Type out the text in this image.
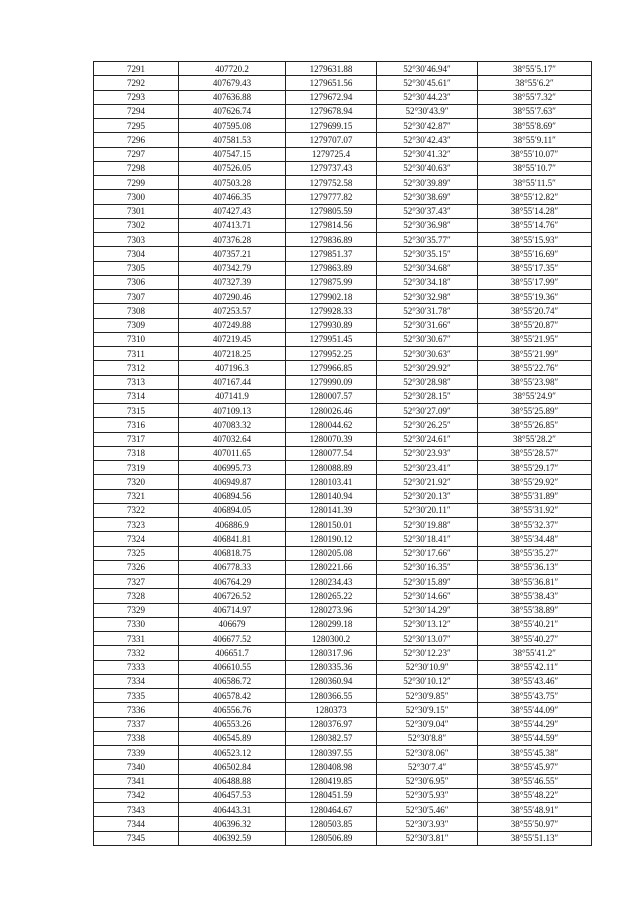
7291	407720.2	1279631.88	52°30′46.94″	38°55′5.17″
7292	407679.43	1279651.56	52°30′45.61″	38°55′6.2″
7293	407636.88	1279672.94	52°30′44.23″	38°55′7.32″
7294	407626.74	1279678.94	52°30′43.9″	38°55′7.63″
7295	407595.08	1279699.15	52°30′42.87″	38°55′8.69″
7296	407581.53	1279707.07	52°30′42.43″	38°55′9.11″
7297	407547.15	1279725.4	52°30′41.32″	38°55′10.07″
7298	407526.05	1279737.43	52°30′40.63″	38°55′10.7″
7299	407503.28	1279752.58	52°30′39.89″	38°55′11.5″
7300	407466.35	1279777.82	52°30′38.69″	38°55′12.82″
7301	407427.43	1279805.59	52°30′37.43″	38°55′14.28″
7302	407413.71	1279814.56	52°30′36.98″	38°55′14.76″
7303	407376.28	1279836.89	52°30′35.77″	38°55′15.93″
7304	407357.21	1279851.37	52°30′35.15″	38°55′16.69″
7305	407342.79	1279863.89	52°30′34.68″	38°55′17.35″
7306	407327.39	1279875.99	52°30′34.18″	38°55′17.99″
7307	407290.46	1279902.18	52°30′32.98″	38°55′19.36″
7308	407253.57	1279928.33	52°30′31.78″	38°55′20.74″
7309	407249.88	1279930.89	52°30′31.66″	38°55′20.87″
7310	407219.45	1279951.45	52°30′30.67″	38°55′21.95″
7311	407218.25	1279952.25	52°30′30.63″	38°55′21.99″
7312	407196.3	1279966.85	52°30′29.92″	38°55′22.76″
7313	407167.44	1279990.09	52°30′28.98″	38°55′23.98″
7314	407141.9	1280007.57	52°30′28.15″	38°55′24.9″
7315	407109.13	1280026.46	52°30′27.09″	38°55′25.89″
7316	407083.32	1280044.62	52°30′26.25″	38°55′26.85″
7317	407032.64	1280070.39	52°30′24.61″	38°55′28.2″
7318	407011.65	1280077.54	52°30′23.93″	38°55′28.57″
7319	406995.73	1280088.89	52°30′23.41″	38°55′29.17″
7320	406949.87	1280103.41	52°30′21.92″	38°55′29.92″
7321	406894.56	1280140.94	52°30′20.13″	38°55′31.89″
7322	406894.05	1280141.39	52°30′20.11″	38°55′31.92″
7323	406886.9	1280150.01	52°30′19.88″	38°55′32.37″
7324	406841.81	1280190.12	52°30′18.41″	38°55′34.48″
7325	406818.75	1280205.08	52°30′17.66″	38°55′35.27″
7326	406778.33	1280221.66	52°30′16.35″	38°55′36.13″
7327	406764.29	1280234.43	52°30′15.89″	38°55′36.81″
7328	406726.52	1280265.22	52°30′14.66″	38°55′38.43″
7329	406714.97	1280273.96	52°30′14.29″	38°55′38.89″
7330	406679	1280299.18	52°30′13.12″	38°55′40.21″
7331	406677.52	1280300.2	52°30′13.07″	38°55′40.27″
7332	406651.7	1280317.96	52°30′12.23″	38°55′41.2″
7333	406610.55	1280335.36	52°30′10.9″	38°55′42.11″
7334	406586.72	1280360.94	52°30′10.12″	38°55′43.46″
7335	406578.42	1280366.55	52°30′9.85″	38°55′43.75″
7336	406556.76	1280373	52°30′9.15″	38°55′44.09″
7337	406553.26	1280376.97	52°30′9.04″	38°55′44.29″
7338	406545.89	1280382.57	52°30′8.8″	38°55′44.59″
7339	406523.12	1280397.55	52°30′8.06″	38°55′45.38″
7340	406502.84	1280408.98	52°30′7.4″	38°55′45.97″
7341	406488.88	1280419.85	52°30′6.95″	38°55′46.55″
7342	406457.53	1280451.59	52°30′5.93″	38°55′48.22″
7343	406443.31	1280464.67	52°30′5.46″	38°55′48.91″
7344	406396.32	1280503.85	52°30′3.93″	38°55′50.97″
7345	406392.59	1280506.89	52°30′3.81″	38°55′51.13″
